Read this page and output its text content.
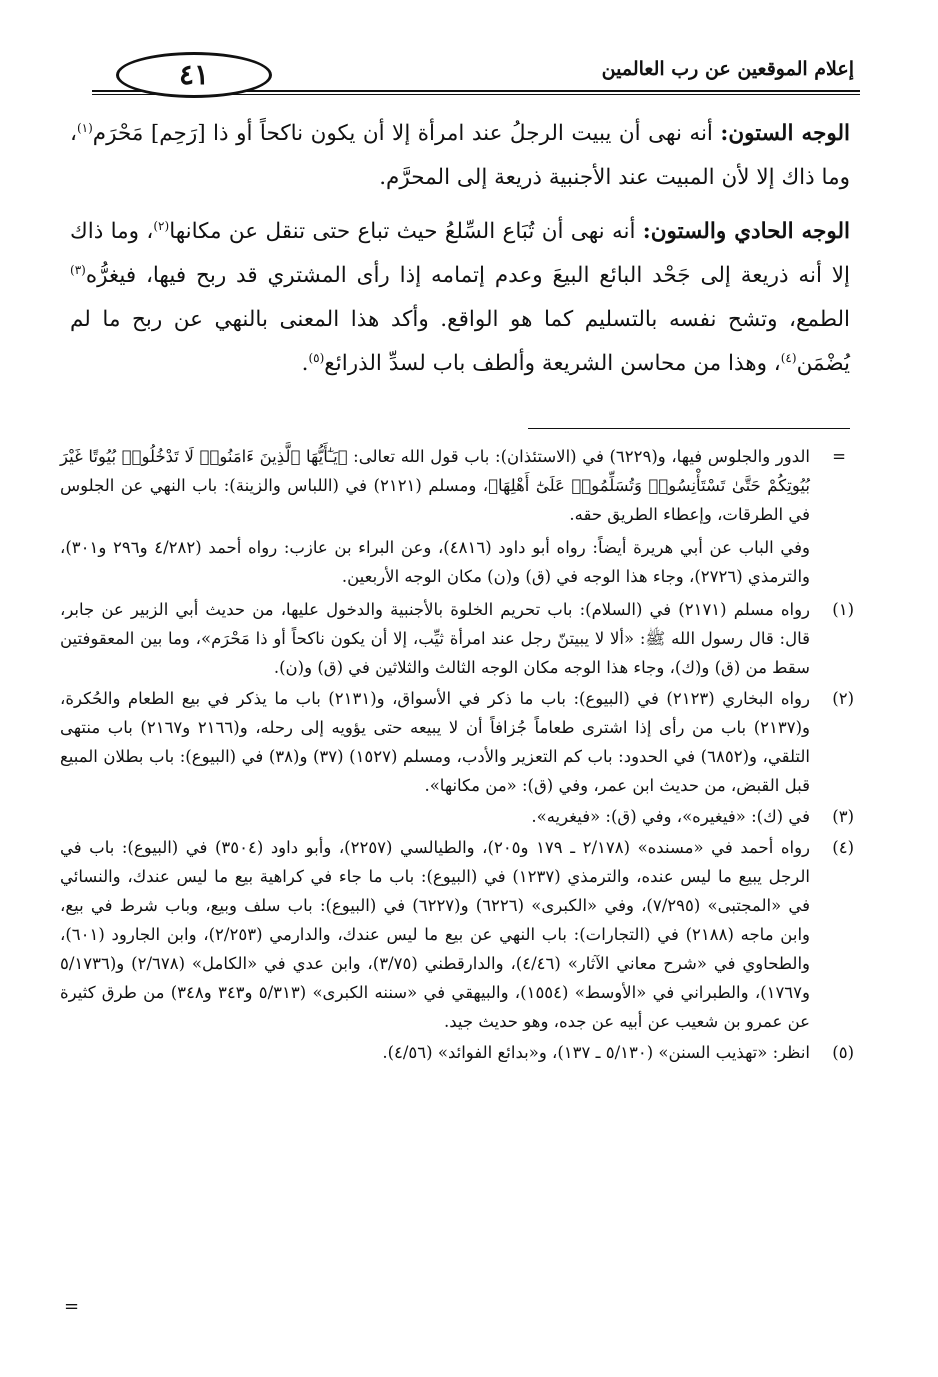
إعلام الموقعين عن رب العالمين
٤١

الوجه الستون: أنه نهى أن يبيت الرجلُ عند امرأة إلا أن يكون ناكحاً أو ذا [رَحِم] مَحْرَم$^{(١)}$، وما ذاك إلا لأن المبيت عند الأجنبية ذريعة إلى المحرَّم.

الوجه الحادي والستون: أنه نهى أن تُبَاع السِّلعُ حيث تباع حتى تنقل عن مكانها$^{(٢)}$، وما ذاك إلا أنه ذريعة إلى جَحْد البائع البيعَ وعدم إتمامه إذا رأى المشتري قد ربح فيها، فيغرُّه$^{(٣)}$ الطمع، وتشح نفسه بالتسليم كما هو الواقع. وأكد هذا المعنى بالنهي عن ربح ما لم يُضْمَن$^{(٤)}$، وهذا من محاسن الشريعة وألطف باب لسدِّ الذرائع$^{(٥)}$.

=
الدور والجلوس فيها، و(٦٢٢٩) في (الاستئذان): باب قول الله تعالى: ﴿يَـٰٓأَيُّهَا ٱلَّذِينَ ءَامَنُوا۟ لَا تَدْخُلُوا۟ بُيُوتًا غَيْرَ بُيُوتِكُمْ حَتَّىٰ تَسْتَأْنِسُوا۟ وَتُسَلِّمُوا۟ عَلَىٰٓ أَهْلِهَا﴾، ومسلم (٢١٢١) في (اللباس والزينة): باب النهي عن الجلوس في الطرقات، وإعطاء الطريق حقه.
وفي الباب عن أبي هريرة أيضاً: رواه أبو داود (٤٨١٦)، وعن البراء بن عازب: رواه أحمد (٤/٢٨٢ و٢٩٦ و٣٠١)، والترمذي (٢٧٢٦)، وجاء هذا الوجه في (ق) و(ن) مكان الوجه الأربعين.
(١)
رواه مسلم (٢١٧١) في (السلام): باب تحريم الخلوة بالأجنبية والدخول عليها، من حديث أبي الزبير عن جابر، قال: قال رسول الله ﷺ: «ألا لا يبيتنّ رجل عند امرأة ثيِّب، إلا أن يكون ناكحاً أو ذا مَحْرَم»، وما بين المعقوفتين سقط من (ق) و(ك)، وجاء هذا الوجه مكان الوجه الثالث والثلاثين في (ق) و(ن).
(٢)
رواه البخاري (٢١٢٣) في (البيوع): باب ما ذكر في الأسواق، و(٢١٣١) باب ما يذكر في بيع الطعام والحُكرة، و(٢١٣٧) باب من رأى إذا اشترى طعاماً جُزافاً أن لا يبيعه حتى يؤويه إلى رحله، و(٢١٦٦ و٢١٦٧) باب منتهى التلقي، و(٦٨٥٢) في الحدود: باب كم التعزير والأدب، ومسلم (١٥٢٧) (٣٧) و(٣٨) في (البيوع): باب بطلان المبيع قبل القبض، من حديث ابن عمر، وفي (ق): «من مكانها».
(٣)
في (ك): «فيغيره»، وفي (ق): «فيغريه».
(٤)
رواه أحمد في «مسنده» (٢/١٧٨ ـ ١٧٩ و٢٠٥)، والطيالسي (٢٢٥٧)، وأبو داود (٣٥٠٤) في (البيوع): باب في الرجل يبيع ما ليس عنده، والترمذي (١٢٣٧) في (البيوع): باب ما جاء في كراهية بيع ما ليس عندك، والنسائي في «المجتبى» (٧/٢٩٥)، وفي «الكبرى» (٦٢٢٦) و(٦٢٢٧) في (البيوع): باب سلف وبيع، وباب شرط في بيع، وابن ماجه (٢١٨٨) في (التجارات): باب النهي عن بيع ما ليس عندك، والدارمي (٢/٢٥٣)، وابن الجارود (٦٠١)، والطحاوي في «شرح معاني الآثار» (٤/٤٦)، والدارقطني (٣/٧٥)، وابن عدي في «الكامل» (٢/٦٧٨) و(٥/١٧٣٦ و١٧٦٧)، والطبراني في «الأوسط» (١٥٥٤)، والبيهقي في «سننه الكبرى» (٥/٣١٣ و٣٤٣ و٣٤٨) من طرق كثيرة عن عمرو بن شعيب عن أبيه عن جده، وهو حديث جيد.
(٥)
انظر: «تهذيب السنن» (٥/١٣٠ ـ ١٣٧)، و«بدائع الفوائد» (٤/٥٦).
=
